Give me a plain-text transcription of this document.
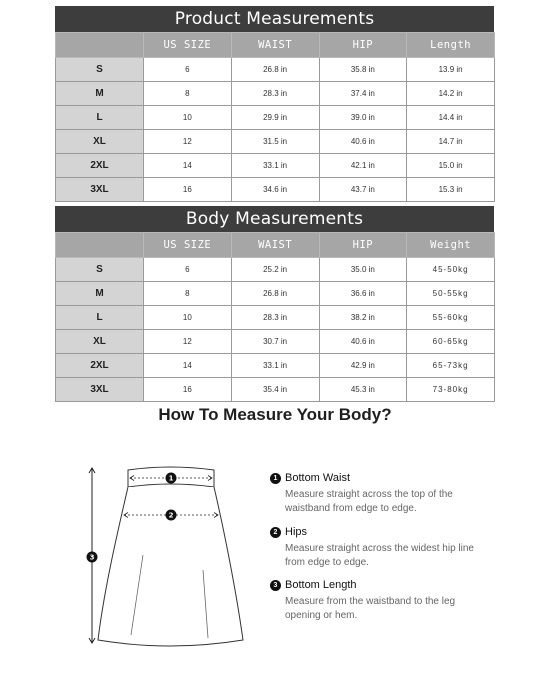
Product Measurements
	US SIZE	WAIST	HIP	Length
S	6	26.8 in	35.8 in	13.9 in
M	8	28.3 in	37.4 in	14.2 in
L	10	29.9 in	39.0 in	14.4 in
XL	12	31.5 in	40.6 in	14.7 in
2XL	14	33.1 in	42.1 in	15.0 in
3XL	16	34.6 in	43.7 in	15.3 in
Body Measurements
	US SIZE	WAIST	HIP	Weight
S	6	25.2 in	35.0 in	45-50kg
M	8	26.8 in	36.6 in	50-55kg
L	10	28.3 in	38.2 in	55-60kg
XL	12	30.7 in	40.6 in	60-65kg
2XL	14	33.1 in	42.9 in	65-73kg
3XL	16	35.4 in	45.3 in	73-80kg
How To Measure Your Body?
1
2
3
1 Bottom Waist
Measure straight across the top of the waistband from edge to edge.
2 Hips
Measure straight across the widest hip line from edge to edge.
3 Bottom Length
Measure from the waistband to the leg opening or hem.
